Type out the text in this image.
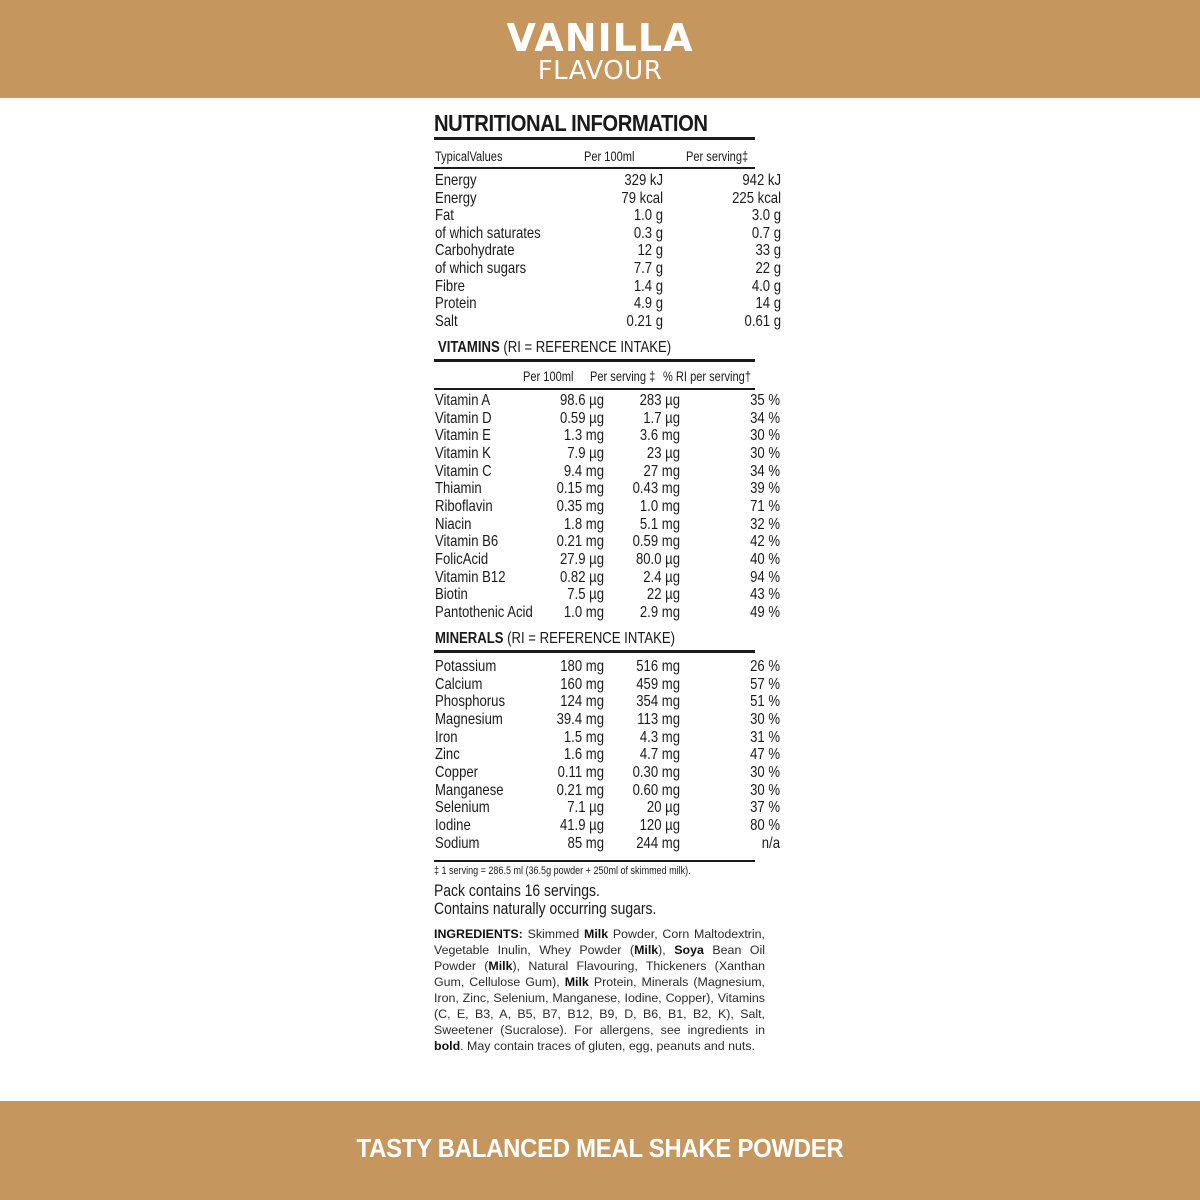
VANILLA
FLAVOUR
NUTRITIONAL INFORMATION
TypicalValues	Per 100ml	Per serving‡
Energy	329 kJ	942 kJ
Energy	79 kcal	225 kcal
Fat	1.0 g	3.0 g
of which saturates	0.3 g	0.7 g
Carbohydrate	12 g	33 g
of which sugars	7.7 g	22 g
Fibre	1.4 g	4.0 g
Protein	4.9 g	14 g
Salt	0.21 g	0.61 g
VITAMINS (RI = REFERENCE INTAKE)
Per 100ml Per serving ‡ % RI per serving†
Vitamin A	98.6 µg	283 µg	35 %
Vitamin D	0.59 µg	1.7 µg	34 %
Vitamin E	1.3 mg	3.6 mg	30 %
Vitamin K	7.9 µg	23 µg	30 %
Vitamin C	9.4 mg	27 mg	34 %
Thiamin	0.15 mg	0.43 mg	39 %
Riboflavin	0.35 mg	1.0 mg	71 %
Niacin	1.8 mg	5.1 mg	32 %
Vitamin B6	0.21 mg	0.59 mg	42 %
FolicAcid	27.9 µg	80.0 µg	40 %
Vitamin B12	0.82 µg	2.4 µg	94 %
Biotin	7.5 µg	22 µg	43 %
Pantothenic Acid	1.0 mg	2.9 mg	49 %
MINERALS (RI = REFERENCE INTAKE)
Potassium	180 mg	516 mg	26 %
Calcium	160 mg	459 mg	57 %
Phosphorus	124 mg	354 mg	51 %
Magnesium	39.4 mg	113 mg	30 %
Iron	1.5 mg	4.3 mg	31 %
Zinc	1.6 mg	4.7 mg	47 %
Copper	0.11 mg	0.30 mg	30 %
Manganese	0.21 mg	0.60 mg	30 %
Selenium	7.1 µg	20 µg	37 %
Iodine	41.9 µg	120 µg	80 %
Sodium	85 mg	244 mg	n/a
‡ 1 serving = 286.5 ml (36.5g powder + 250ml of skimmed milk).
Pack contains 16 servings.
Contains naturally occurring sugars.
INGREDIENTS: Skimmed Milk Powder, Corn Maltodextrin, Vegetable Inulin, Whey Powder (Milk), Soya Bean Oil Powder (Milk), Natural Flavouring, Thickeners (Xanthan Gum, Cellulose Gum), Milk Protein, Minerals (Magnesium, Iron, Zinc, Selenium, Manganese, Iodine, Copper), Vitamins (C, E, B3, A, B5, B7, B12, B9, D, B6, B1, B2, K), Salt, Sweetener (Sucralose). For allergens, see ingredients in bold. May contain traces of gluten, egg, peanuts and nuts.
TASTY BALANCED MEAL SHAKE POWDER
